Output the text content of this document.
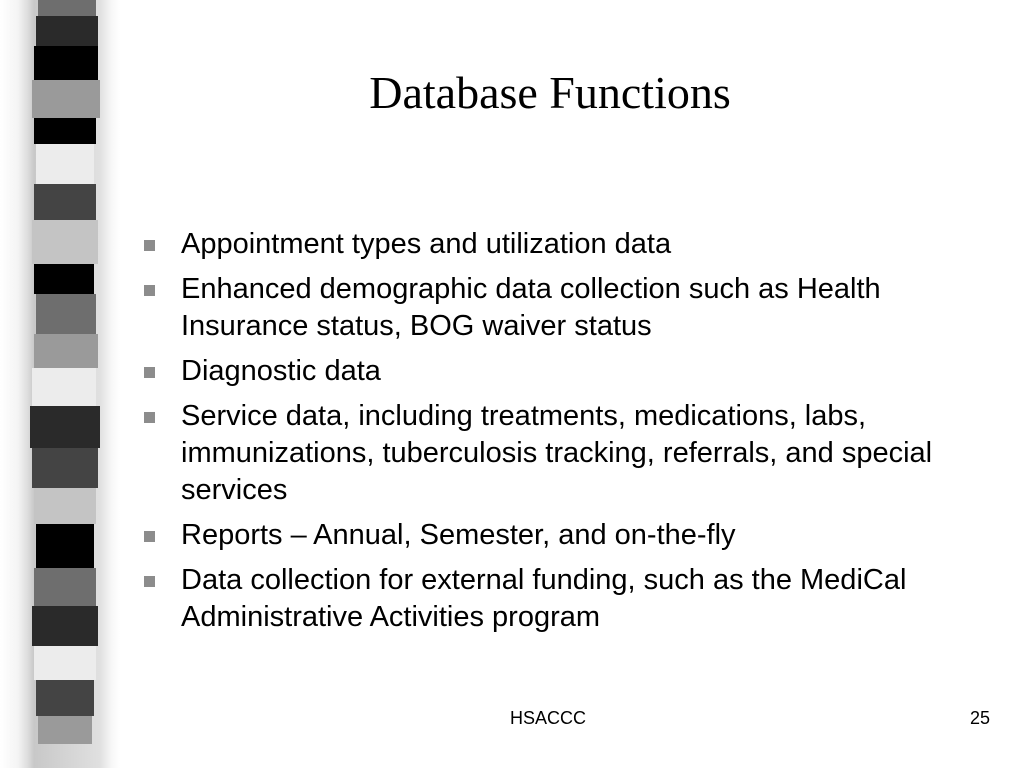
Database Functions
Appointment types and utilization data
Enhanced demographic data collection such as Health Insurance status, BOG waiver status
Diagnostic data
Service data, including treatments, medications, labs, immunizations, tuberculosis tracking, referrals, and special services
Reports – Annual, Semester, and on-the-fly
Data collection for external funding, such as the MediCal Administrative Activities program
HSACCC	25
